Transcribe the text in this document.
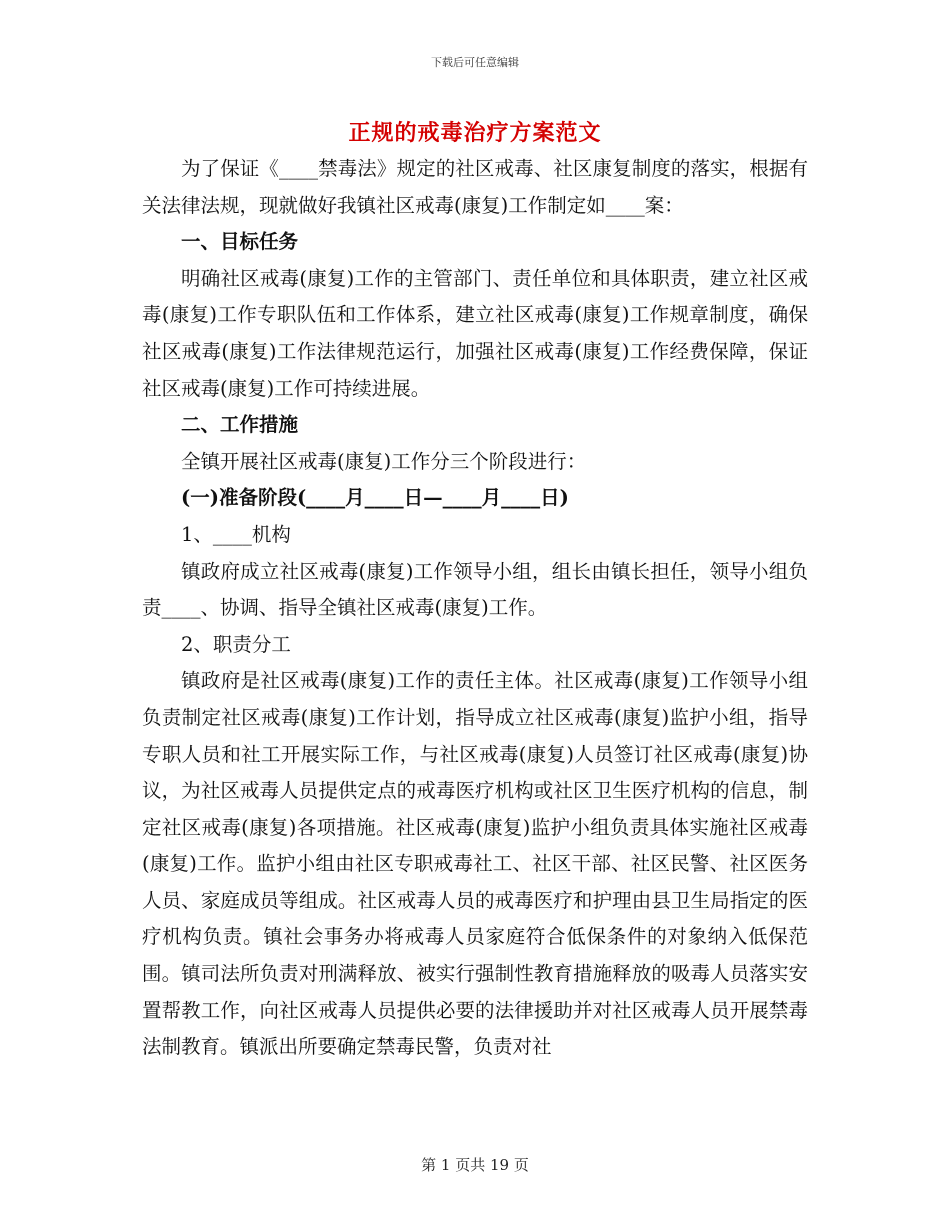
下载后可任意编辑
正规的戒毒治疗方案范文

为了保证《____禁毒法》规定的社区戒毒、社区康复制度的落实，根据有关法律法规，现就做好我镇社区戒毒(康复)工作制定如____案：

一、目标任务

明确社区戒毒(康复)工作的主管部门、责任单位和具体职责，建立社区戒毒(康复)工作专职队伍和工作体系，建立社区戒毒(康复)工作规章制度，确保社区戒毒(康复)工作法律规范运行，加强社区戒毒(康复)工作经费保障，保证社区戒毒(康复)工作可持续进展。

二、工作措施

全镇开展社区戒毒(康复)工作分三个阶段进行：

(一)准备阶段(____月____日—____月____日)

1、____机构

镇政府成立社区戒毒(康复)工作领导小组，组长由镇长担任，领导小组负责____、协调、指导全镇社区戒毒(康复)工作。

2、职责分工

镇政府是社区戒毒(康复)工作的责任主体。社区戒毒(康复)工作领导小组负责制定社区戒毒(康复)工作计划，指导成立社区戒毒(康复)监护小组，指导专职人员和社工开展实际工作，与社区戒毒(康复)人员签订社区戒毒(康复)协议，为社区戒毒人员提供定点的戒毒医疗机构或社区卫生医疗机构的信息，制定社区戒毒(康复)各项措施。社区戒毒(康复)监护小组负责具体实施社区戒毒(康复)工作。监护小组由社区专职戒毒社工、社区干部、社区民警、社区医务人员、家庭成员等组成。社区戒毒人员的戒毒医疗和护理由县卫生局指定的医疗机构负责。镇社会事务办将戒毒人员家庭符合低保条件的对象纳入低保范围。镇司法所负责对刑满释放、被实行强制性教育措施释放的吸毒人员落实安置帮教工作，向社区戒毒人员提供必要的法律援助并对社区戒毒人员开展禁毒法制教育。镇派出所要确定禁毒民警，负责对社

第 1 页共 19 页
